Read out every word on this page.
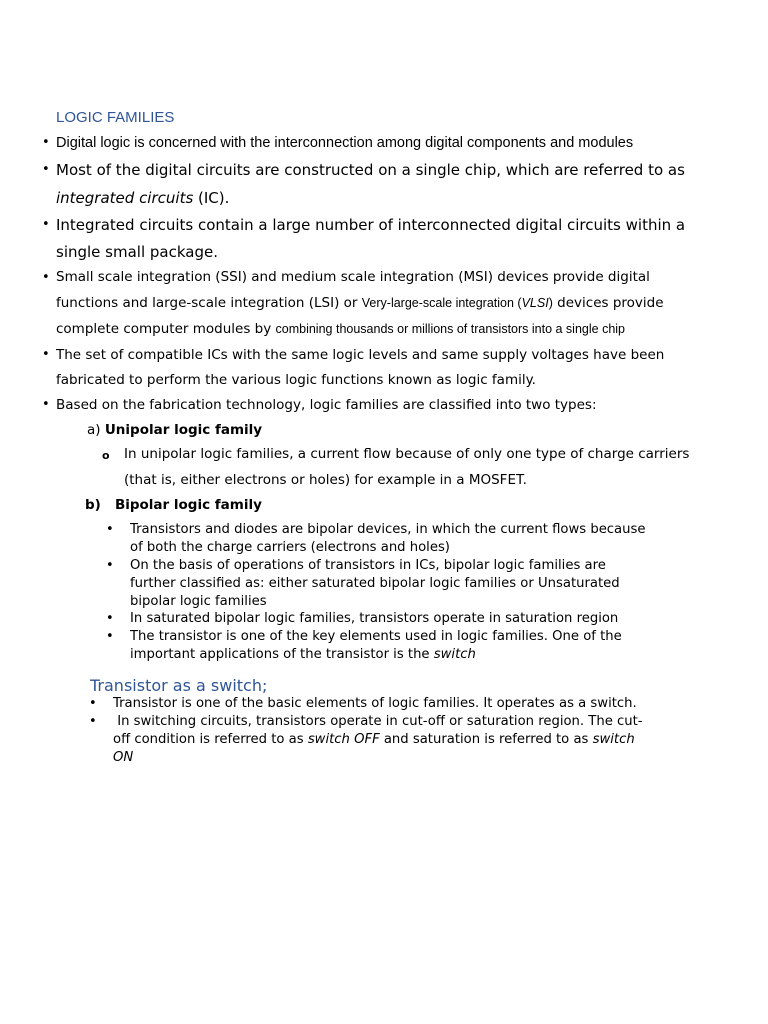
LOGIC FAMILIES
• Digital logic is concerned with the interconnection among digital components and modules
• Most of the digital circuits are constructed on a single chip, which are referred to as
integrated circuits (IC).
• Integrated circuits contain a large number of interconnected digital circuits within a
single small package.
• Small scale integration (SSI) and medium scale integration (MSI) devices provide digital
functions and large-scale integration (LSI) or Very-large-scale integration (VLSI) devices provide
complete computer modules by combining thousands or millions of transistors into a single chip
• The set of compatible ICs with the same logic levels and same supply voltages have been
fabricated to perform the various logic functions known as logic family.
• Based on the fabrication technology, logic families are classified into two types:
a) Unipolar logic family
o In unipolar logic families, a current flow because of only one type of charge carriers
(that is, either electrons or holes) for example in a MOSFET.
b) Bipolar logic family
• Transistors and diodes are bipolar devices, in which the current flows because
of both the charge carriers (electrons and holes)
• On the basis of operations of transistors in ICs, bipolar logic families are
further classified as: either saturated bipolar logic families or Unsaturated
bipolar logic families
• In saturated bipolar logic families, transistors operate in saturation region
• The transistor is one of the key elements used in logic families. One of the
important applications of the transistor is the switch
Transistor as a switch;
• Transistor is one of the basic elements of logic families. It operates as a switch.
• In switching circuits, transistors operate in cut-off or saturation region. The cut-
off condition is referred to as switch OFF and saturation is referred to as switch
ON
